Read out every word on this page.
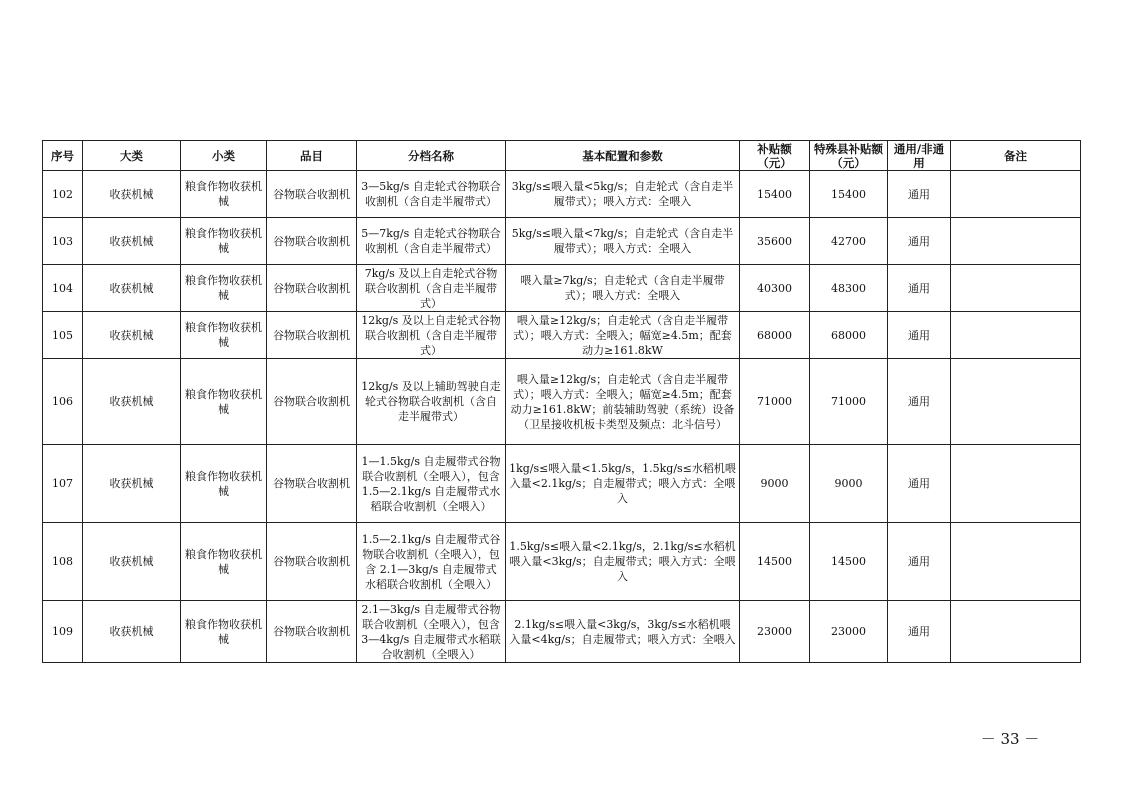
序号	大类	小类	品目	分档名称	基本配置和参数	补贴额（元）	特殊县补贴额（元）	通用/非通用	备注
102	收获机械	粮食作物收获机械	谷物联合收割机	3—5kg/s 自走轮式谷物联合收割机（含自走半履带式）	3kg/s≤喂入量<5kg/s；自走轮式（含自走半履带式）；喂入方式：全喂入	15400	15400	通用	
103	收获机械	粮食作物收获机械	谷物联合收割机	5—7kg/s 自走轮式谷物联合收割机（含自走半履带式）	5kg/s≤喂入量<7kg/s；自走轮式（含自走半履带式）；喂入方式：全喂入	35600	42700	通用	
104	收获机械	粮食作物收获机械	谷物联合收割机	7kg/s 及以上自走轮式谷物联合收割机（含自走半履带式）	喂入量≥7kg/s；自走轮式（含自走半履带式）；喂入方式：全喂入	40300	48300	通用	
105	收获机械	粮食作物收获机械	谷物联合收割机	12kg/s 及以上自走轮式谷物联合收割机（含自走半履带式）	喂入量≥12kg/s；自走轮式（含自走半履带式）；喂入方式：全喂入；幅宽≥4.5m；配套动力≥161.8kW	68000	68000	通用	
106	收获机械	粮食作物收获机械	谷物联合收割机	12kg/s 及以上辅助驾驶自走轮式谷物联合收割机（含自走半履带式）	喂入量≥12kg/s；自走轮式（含自走半履带式）；喂入方式：全喂入；幅宽≥4.5m；配套动力≥161.8kW；前装辅助驾驶（系统）设备（卫星接收机板卡类型及频点：北斗信号）	71000	71000	通用	
107	收获机械	粮食作物收获机械	谷物联合收割机	1—1.5kg/s 自走履带式谷物联合收割机（全喂入），包含 1.5—2.1kg/s 自走履带式水稻联合收割机（全喂入）	1kg/s≤喂入量<1.5kg/s，1.5kg/s≤水稻机喂入量<2.1kg/s；自走履带式；喂入方式：全喂入	9000	9000	通用	
108	收获机械	粮食作物收获机械	谷物联合收割机	1.5—2.1kg/s 自走履带式谷物联合收割机（全喂入），包含 2.1—3kg/s 自走履带式水稻联合收割机（全喂入）	1.5kg/s≤喂入量<2.1kg/s，2.1kg/s≤水稻机喂入量<3kg/s；自走履带式；喂入方式：全喂入	14500	14500	通用	
109	收获机械	粮食作物收获机械	谷物联合收割机	2.1—3kg/s 自走履带式谷物联合收割机（全喂入），包含 3—4kg/s 自走履带式水稻联合收割机（全喂入）	2.1kg/s≤喂入量<3kg/s，3kg/s≤水稻机喂入量<4kg/s；自走履带式；喂入方式：全喂入	23000	23000	通用	
－ 33 －
